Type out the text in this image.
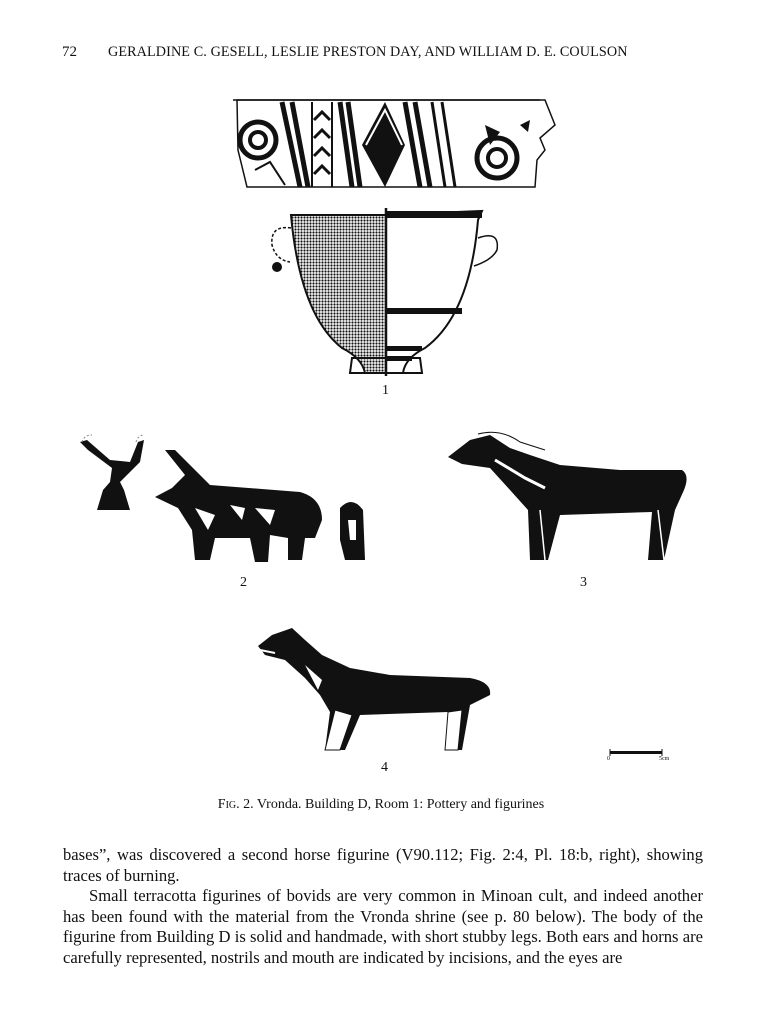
72 GERALDINE C. GESELL, LESLIE PRESTON DAY, AND WILLIAM D. E. COULSON
1
2	3
4
0	5cm
Fig. 2. Vronda. Building D, Room 1: Pottery and figurines

bases”, was discovered a second horse figurine (V90.112; Fig. 2:4, Pl. 18:b, right), showing traces of burning.

Small terracotta figurines of bovids are very common in Minoan cult, and indeed another has been found with the material from the Vronda shrine (see p. 80 below). The body of the figurine from Building D is solid and handmade, with short stubby legs. Both ears and horns are carefully represented, nostrils and mouth are indicated by incisions, and the eyes are
